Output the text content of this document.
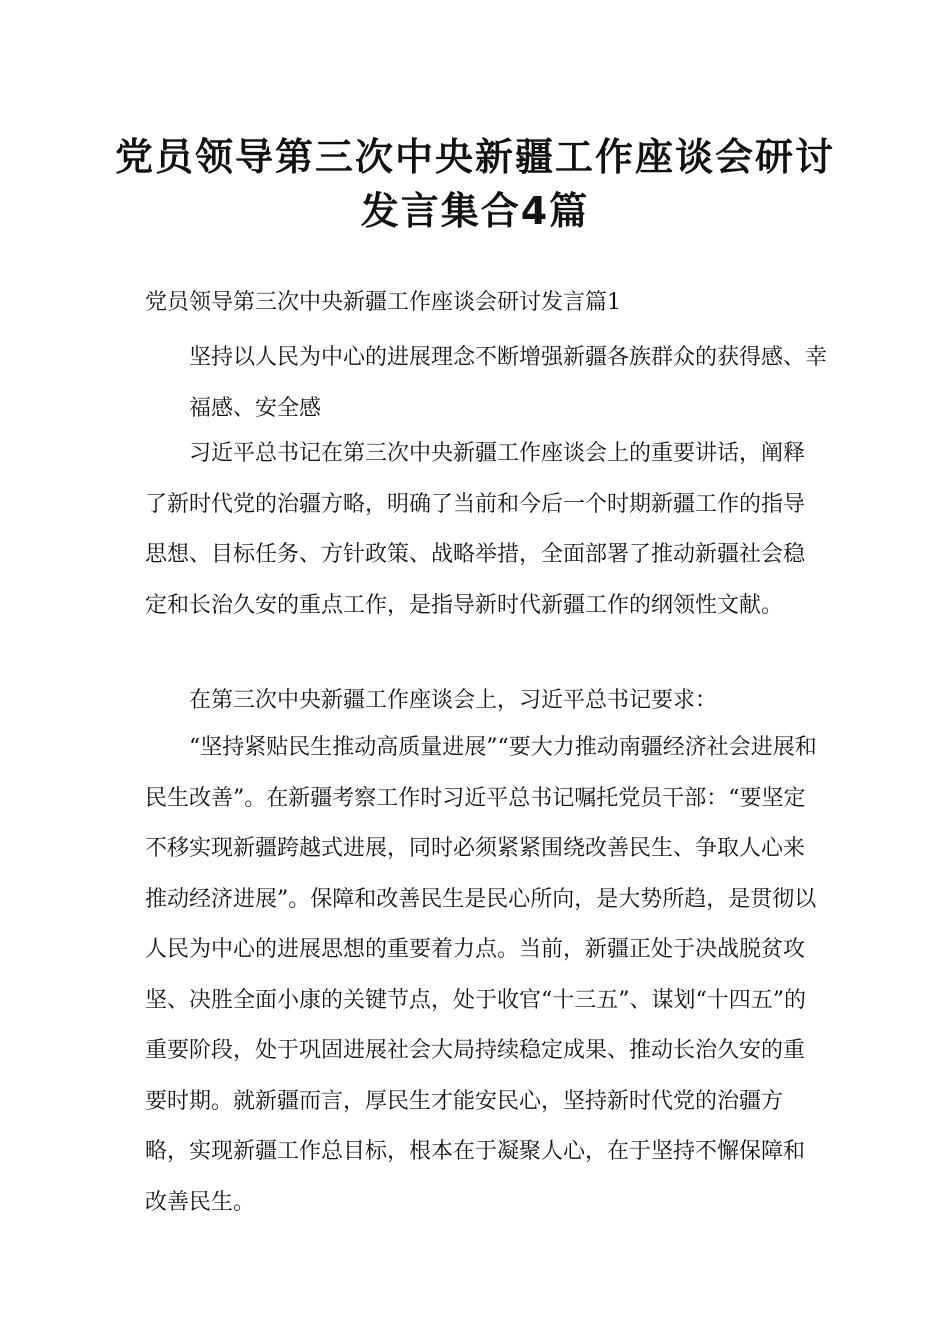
党员领导第三次中央新疆工作座谈会研讨发言集合4篇
党员领导第三次中央新疆工作座谈会研讨发言篇1
坚持以人民为中心的进展理念不断增强新疆各族群众的获得感、幸福感、安全感
习近平总书记在第三次中央新疆工作座谈会上的重要讲话，阐释了新时代党的治疆方略，明确了当前和今后一个时期新疆工作的指导思想、目标任务、方针政策、战略举措，全面部署了推动新疆社会稳定和长治久安的重点工作，是指导新时代新疆工作的纲领性文献。
在第三次中央新疆工作座谈会上，习近平总书记要求：
“坚持紧贴民生推动高质量进展”“要大力推动南疆经济社会进展和民生改善”。在新疆考察工作时习近平总书记嘱托党员干部：“要坚定不移实现新疆跨越式进展，同时必须紧紧围绕改善民生、争取人心来推动经济进展”。保障和改善民生是民心所向，是大势所趋，是贯彻以人民为中心的进展思想的重要着力点。当前，新疆正处于决战脱贫攻坚、决胜全面小康的关键节点，处于收官“十三五”、谋划“十四五”的重要阶段，处于巩固进展社会大局持续稳定成果、推动长治久安的重要时期。就新疆而言，厚民生才能安民心，坚持新时代党的治疆方略，实现新疆工作总目标，根本在于凝聚人心，在于坚持不懈保障和改善民生。
